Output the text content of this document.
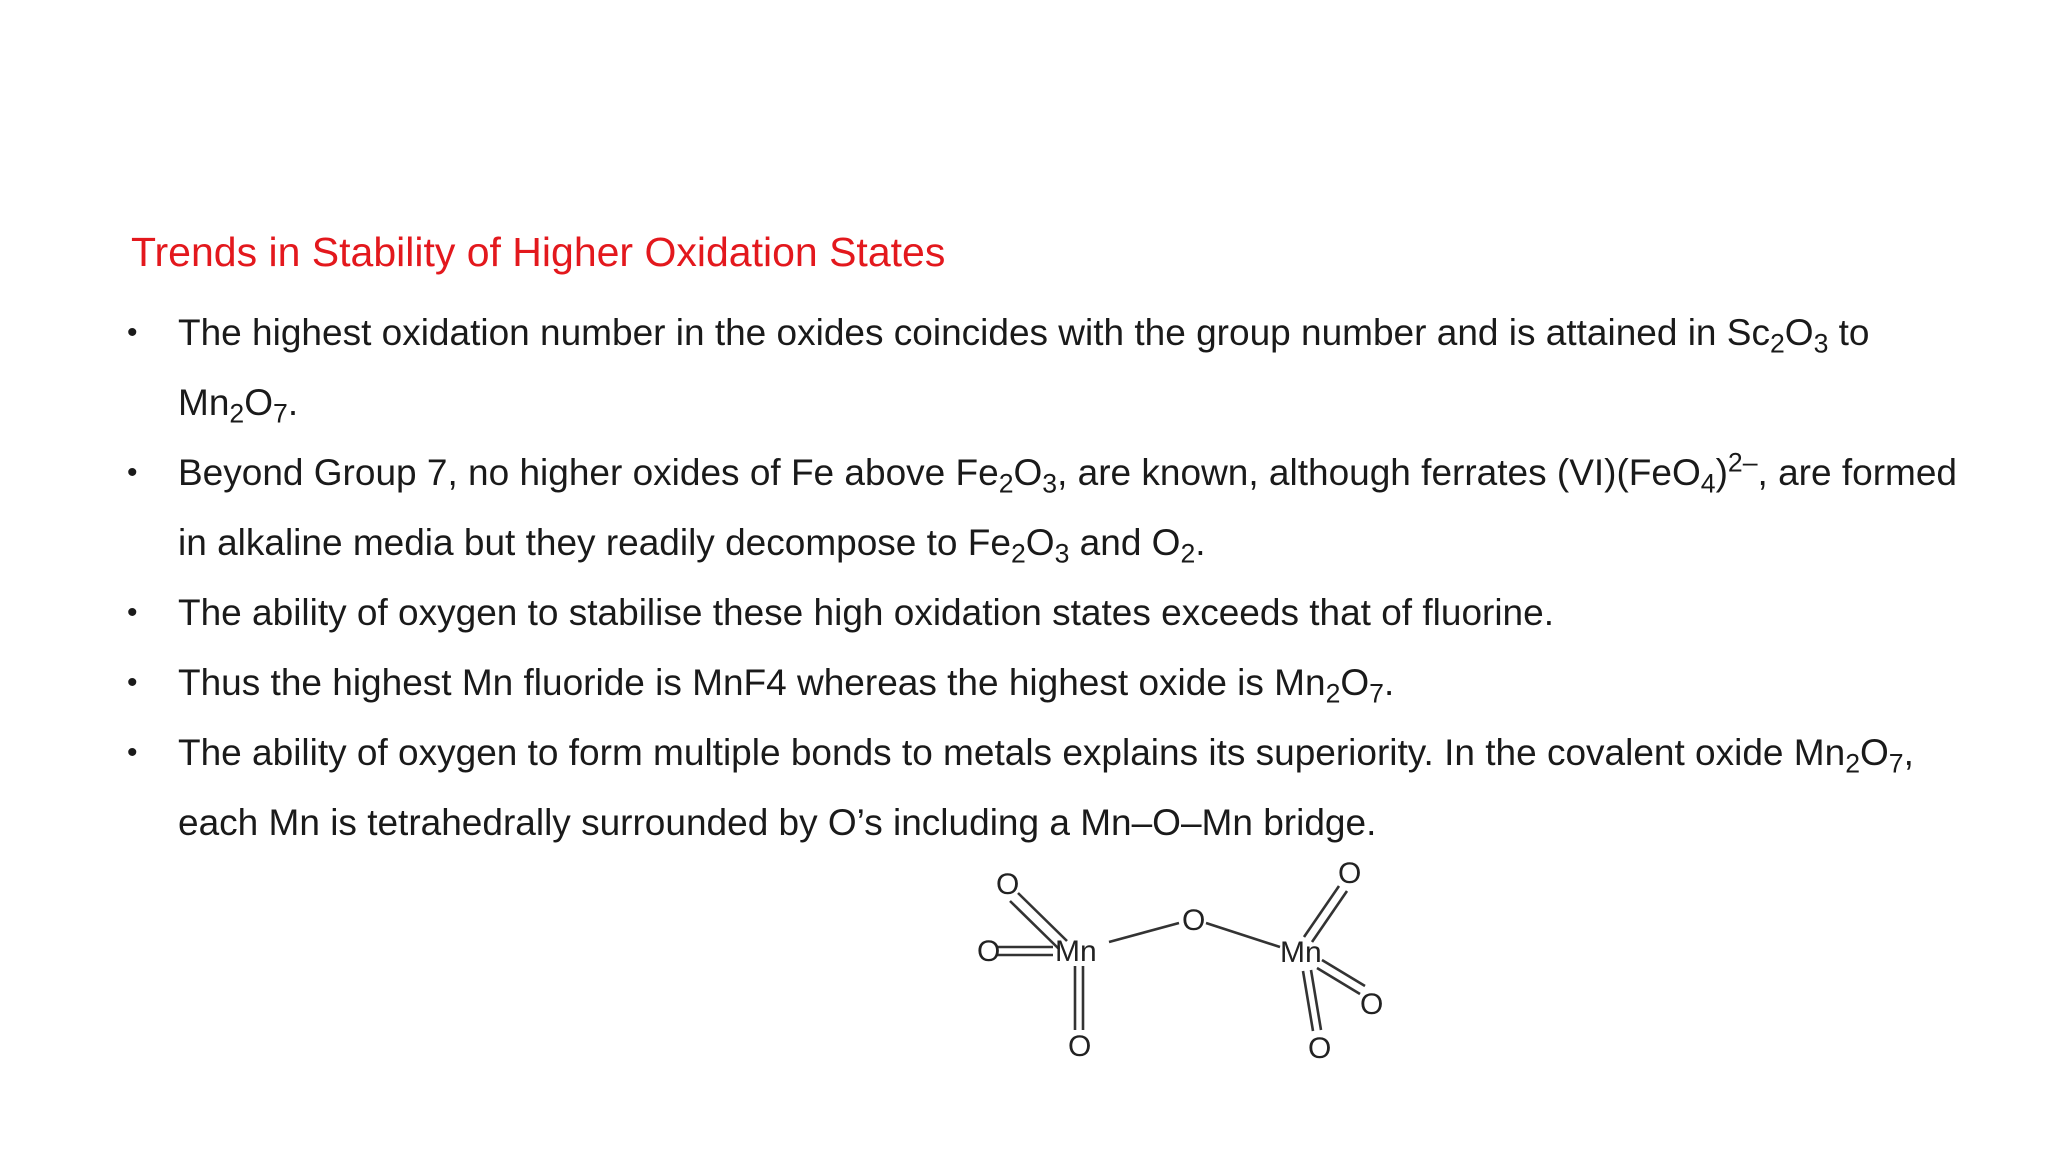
Trends in Stability of Higher Oxidation States
• The highest oxidation number in the oxides coincides with the group number and is attained in $Sc_2O_3$ to $Mn_2O_7$.
• Beyond Group 7, no higher oxides of Fe above $Fe_2O_3$, are known, although ferrates $(VI)(FeO_4)^{2-}$, are formed in alkaline media but they readily decompose to $Fe_2O_3$ and $O_2$.
• The ability of oxygen to stabilise these high oxidation states exceeds that of fluorine.
• Thus the highest Mn fluoride is MnF4 whereas the highest oxide is $Mn_2O_7$.
• The ability of oxygen to form multiple bonds to metals explains its superiority. In the covalent oxide $Mn_2O_7$, each Mn is tetrahedrally surrounded by O’s including a Mn–O–Mn bridge.
O
O Mn
O
O
Mn
O
O
O
